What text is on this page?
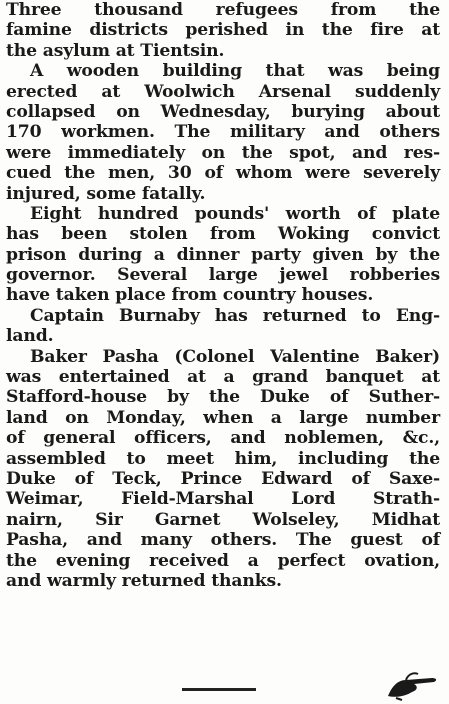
Three thousand refugees from the
famine districts perished in the fire at
the asylum at Tientsin.
A wooden building that was being
erected at Woolwich Arsenal suddenly
collapsed on Wednesday, burying about
170 workmen. The military and others
were immediately on the spot, and res-
cued the men, 30 of whom were severely
injured, some fatally.
Eight hundred pounds' worth of plate
has been stolen from Woking convict
prison during a dinner party given by the
governor. Several large jewel robberies
have taken place from country houses.
Captain Burnaby has returned to Eng-
land.
Baker Pasha (Colonel Valentine Baker)
was entertained at a grand banquet at
Stafford-house by the Duke of Suther-
land on Monday, when a large number
of general officers, and noblemen, &c.,
assembled to meet him, including the
Duke of Teck, Prince Edward of Saxe-
Weimar, Field-Marshal Lord Strath-
nairn, Sir Garnet Wolseley, Midhat
Pasha, and many others. The guest of
the evening received a perfect ovation,
and warmly returned thanks.
